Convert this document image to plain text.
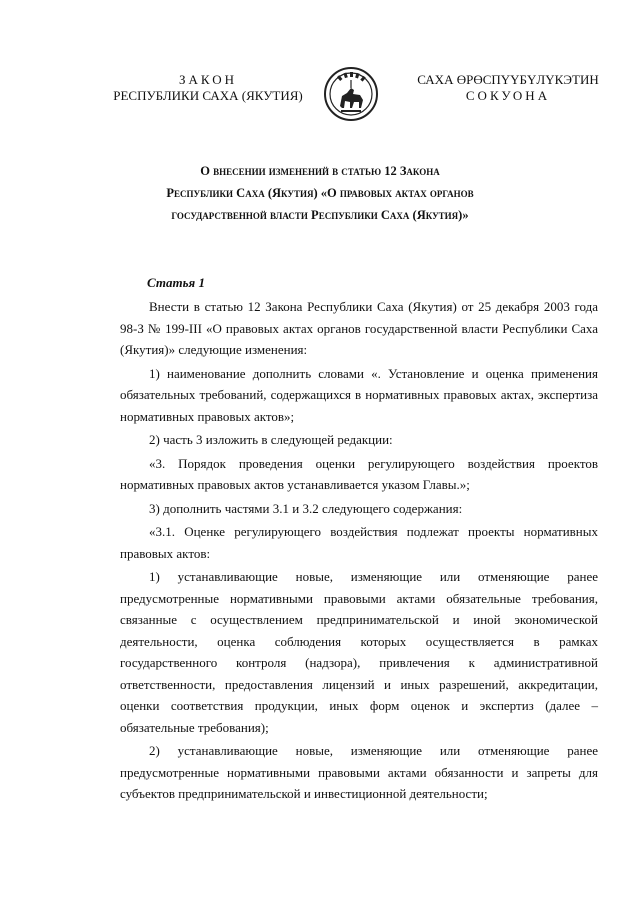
ЗАКОН
РЕСПУБЛИКИ САХА (ЯКУТИЯ)
САХА ӨРӨСПҮҮБҮЛҮКЭТИН
СОКУОНА
О внесении изменений в статью 12 Закона
Республики Саха (Якутия) «О правовых актах органов
государственной власти Республики Саха (Якутия)»
Статья 1

Внести в статью 12 Закона Республики Саха (Якутия) от 25 декабря 2003 года 98-З № 199-III «О правовых актах органов государственной власти Республики Саха (Якутия)» следующие изменения:

1) наименование дополнить словами «. Установление и оценка применения обязательных требований, содержащихся в нормативных правовых актах, экспертиза нормативных правовых актов»;

2) часть 3 изложить в следующей редакции:

«3. Порядок проведения оценки регулирующего воздействия проектов нормативных правовых актов устанавливается указом Главы.»;

3) дополнить частями 3.1 и 3.2 следующего содержания:

«3.1. Оценке регулирующего воздействия подлежат проекты нормативных правовых актов:

1) устанавливающие новые, изменяющие или отменяющие ранее предусмотренные нормативными правовыми актами обязательные требования, связанные с осуществлением предпринимательской и иной экономической деятельности, оценка соблюдения которых осуществляется в рамках государственного контроля (надзора), привлечения к административной ответственности, предоставления лицензий и иных разрешений, аккредитации, оценки соответствия продукции, иных форм оценок и экспертиз (далее – обязательные требования);

2) устанавливающие новые, изменяющие или отменяющие ранее предусмотренные нормативными правовыми актами обязанности и запреты для субъектов предпринимательской и инвестиционной деятельности;
